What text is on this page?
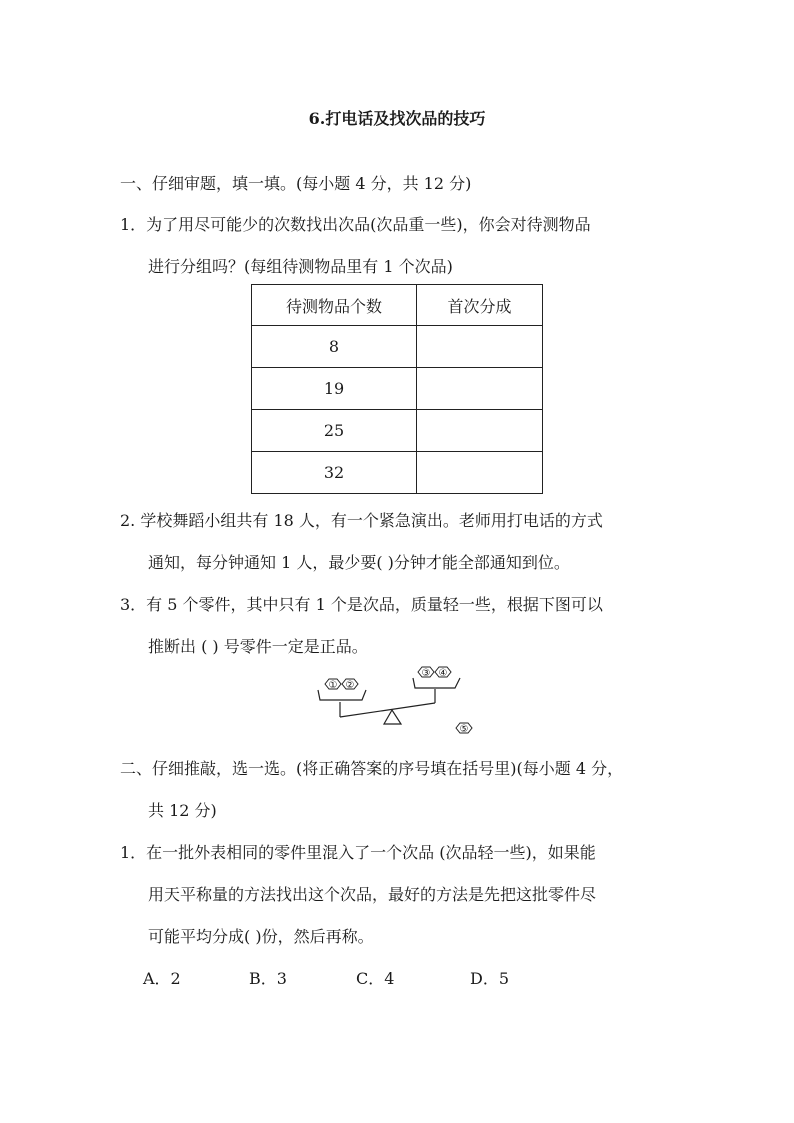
6.打电话及找次品的技巧
一、仔细审题，填一填。(每小题 4 分，共 12 分)
1．为了用尽可能少的次数找出次品(次品重一些)，你会对待测物品
进行分组吗？(每组待测物品里有 1 个次品)
待测物品个数	首次分成
8	
19	
25	
32	
2. 学校舞蹈小组共有 18 人，有一个紧急演出。老师用打电话的方式
通知，每分钟通知 1 人，最少要( )分钟才能全部通知到位。
3．有 5 个零件，其中只有 1 个是次品，质量轻一些，根据下图可以
推断出 ( ) 号零件一定是正品。
① ②
③ ④
⑤
二、仔细推敲，选一选。(将正确答案的序号填在括号里)(每小题 4 分，
共 12 分)
1．在一批外表相同的零件里混入了一个次品 (次品轻一些)，如果能
用天平称量的方法找出这个次品，最好的方法是先把这批零件尽
可能平均分成( )份，然后再称。
A．2	B．3	C．4	D．5
